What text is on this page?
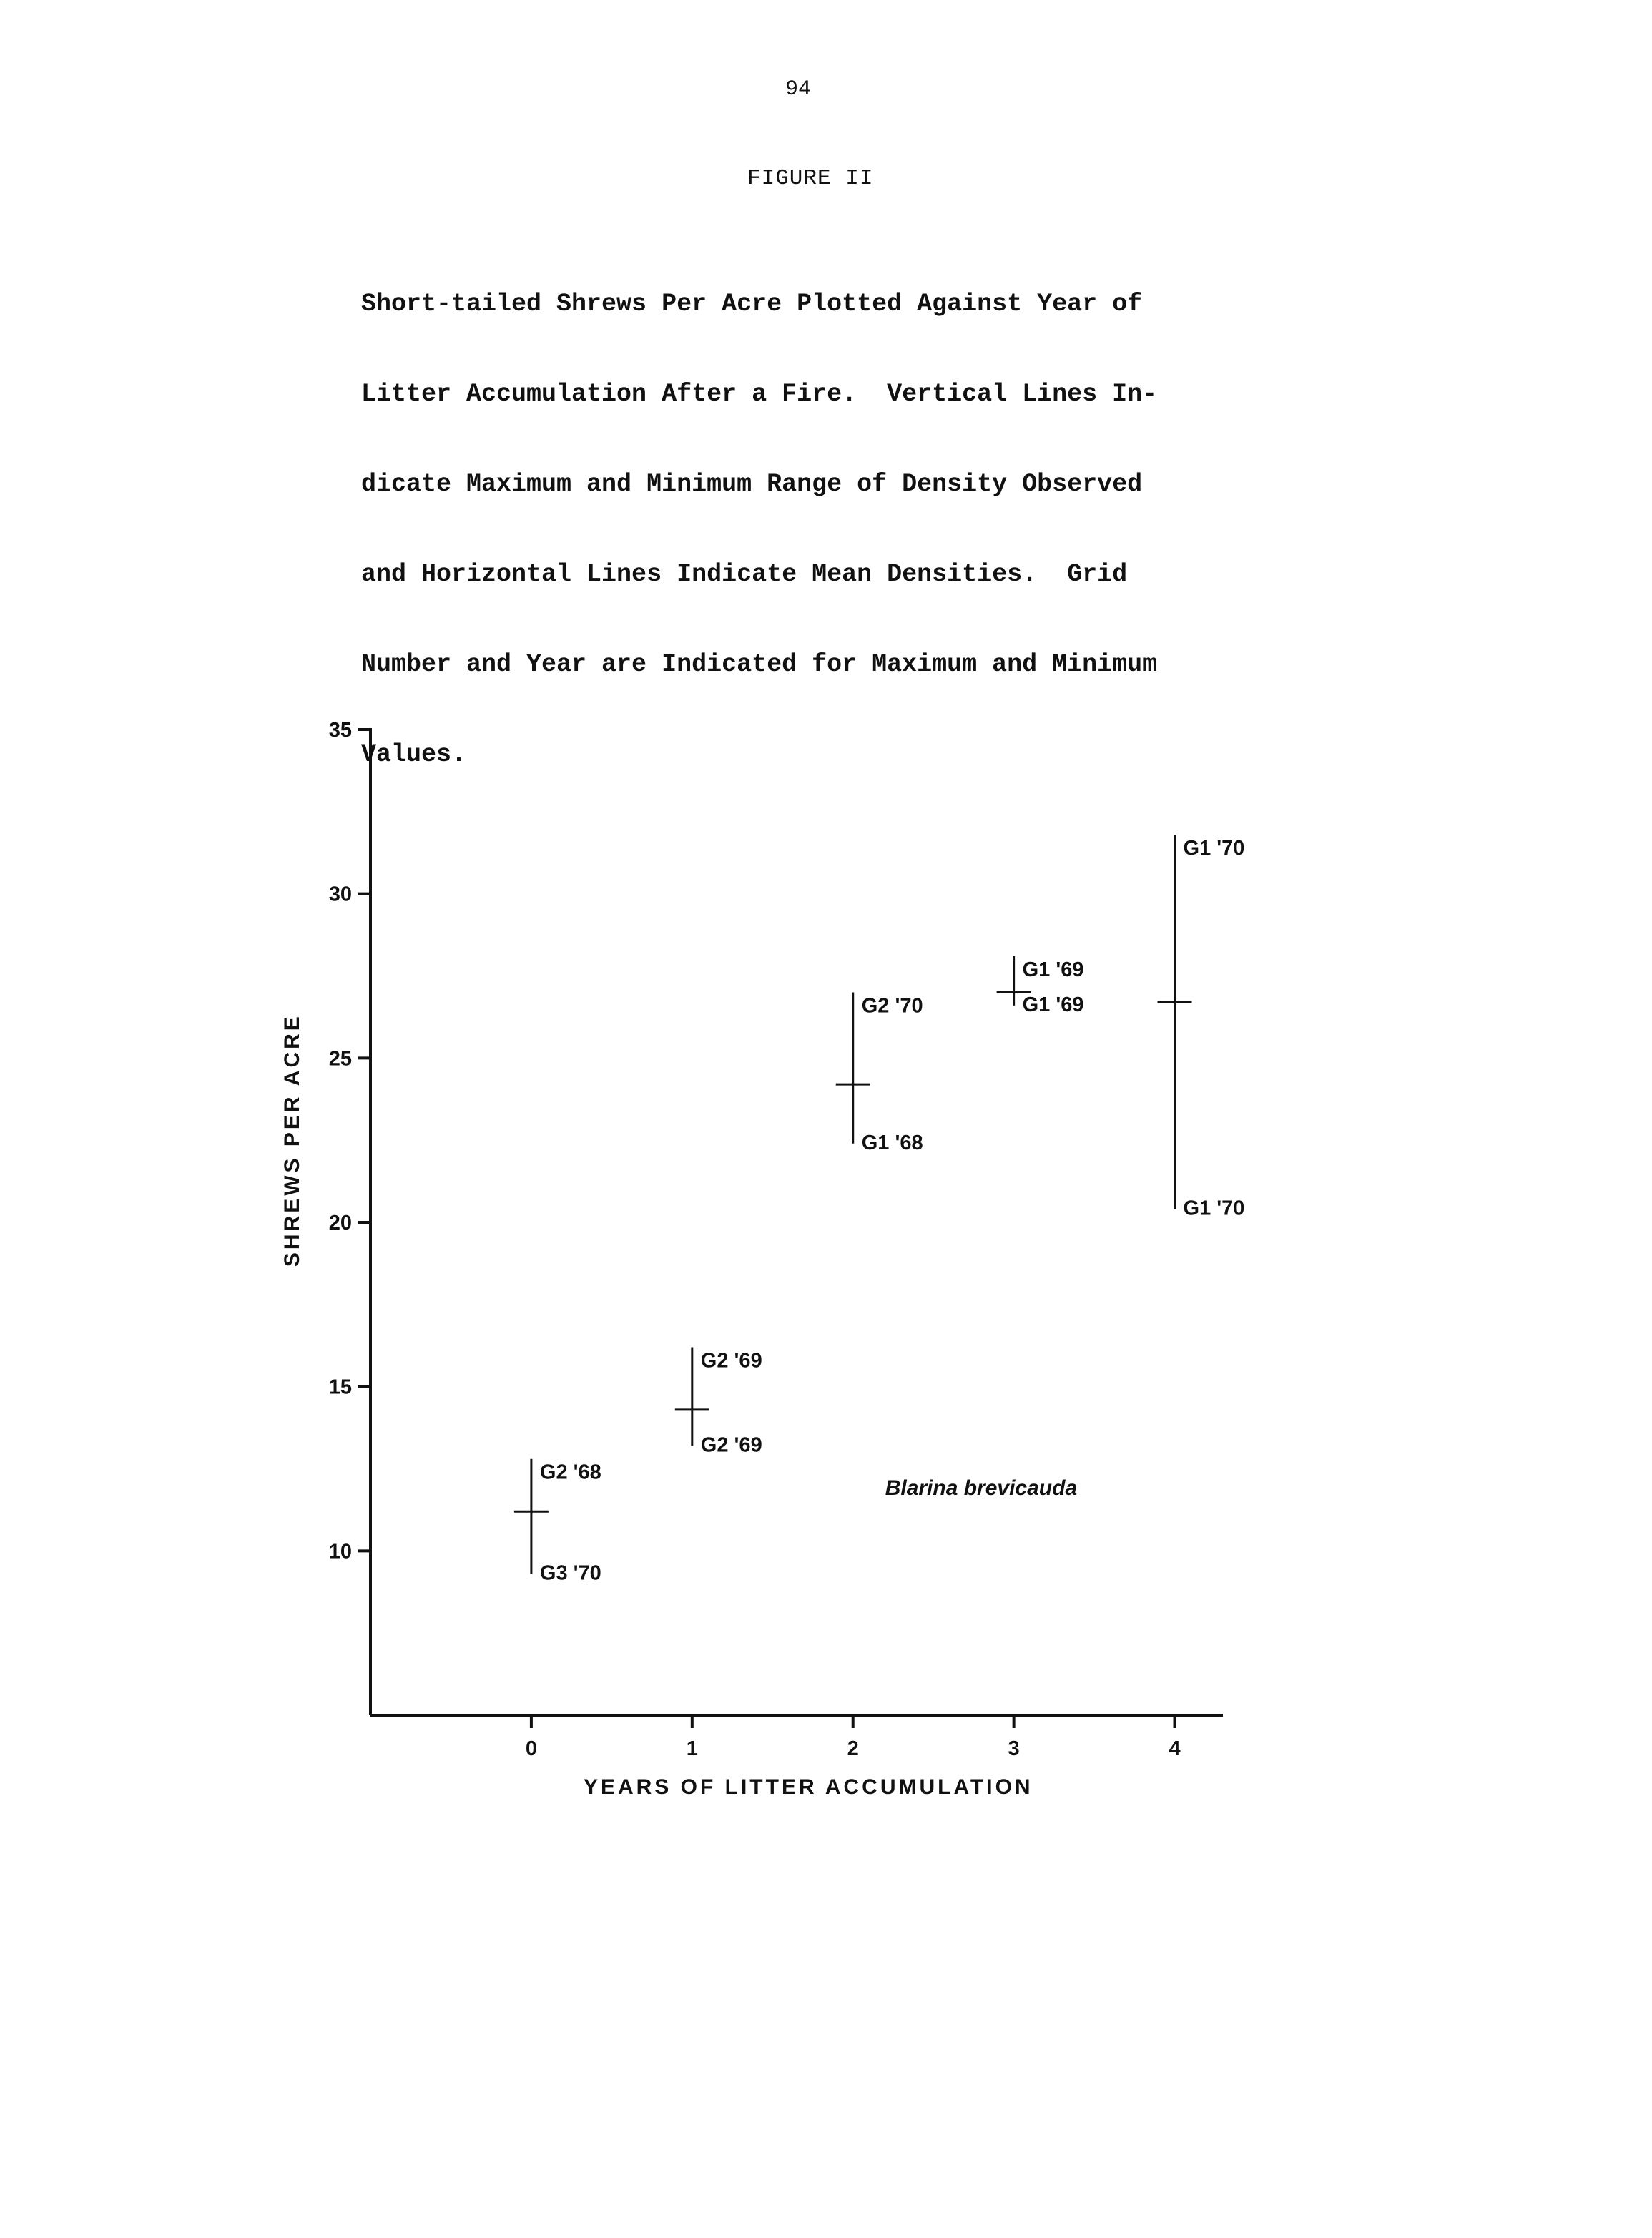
94
FIGURE II

Short-tailed Shrews Per Acre Plotted Against Year of

Litter Accumulation After a Fire.  Vertical Lines In-

dicate Maximum and Minimum Range of Density Observed

and Horizontal Lines Indicate Mean Densities.  Grid

Number and Year are Indicated for Maximum and Minimum

Values.

10
15
20
25
30
35
0	1	2	3	4
G2 '68
G3 '70
G2 '69
G2 '69
G2 '70
G1 '68
G1 '69
G1 '69
G1 '70
G1 '70
YEARS OF LITTER ACCUMULATION
SHREWS PER ACRE
Blarina brevicauda
